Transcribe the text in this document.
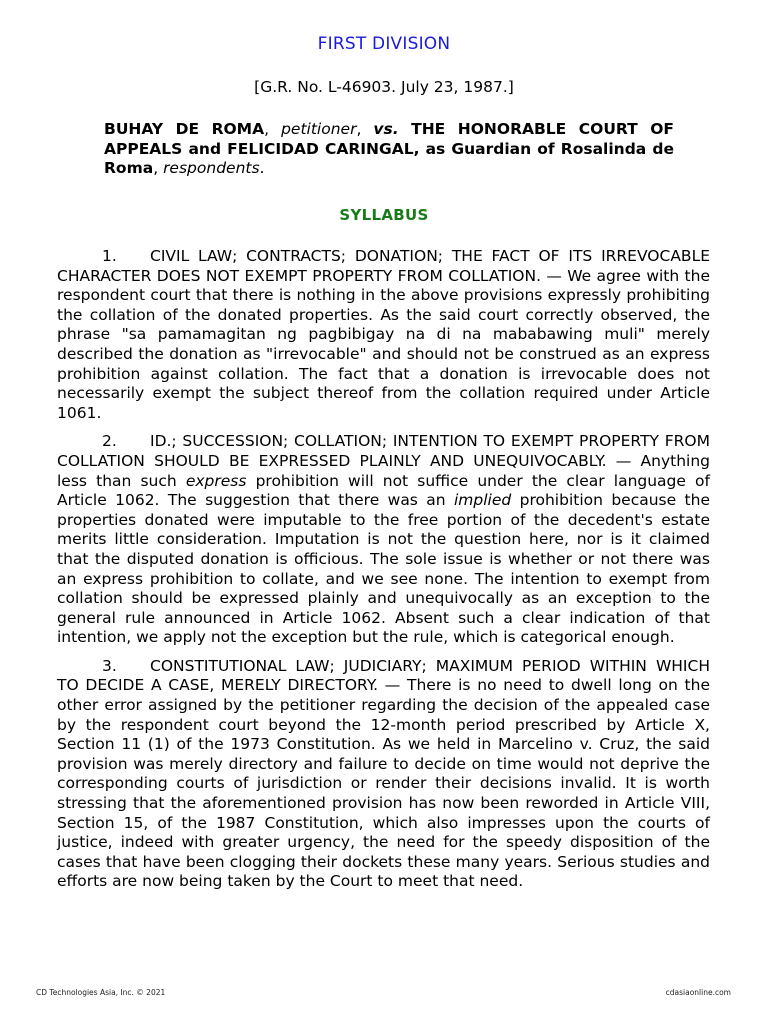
FIRST DIVISION
[G.R. No. L-46903. July 23, 1987.]
BUHAY DE ROMA, petitioner, vs. THE HONORABLE COURT OF APPEALS and FELICIDAD CARINGAL, as Guardian of Rosalinda de Roma, respondents.
SYLLABUS

1. CIVIL LAW; CONTRACTS; DONATION; THE FACT OF ITS IRREVOCABLE CHARACTER DOES NOT EXEMPT PROPERTY FROM COLLATION. — We agree with the respondent court that there is nothing in the above provisions expressly prohibiting the collation of the donated properties. As the said court correctly observed, the phrase "sa pamamagitan ng pagbibigay na di na mababawing muli" merely described the donation as "irrevocable" and should not be construed as an express prohibition against collation. The fact that a donation is irrevocable does not necessarily exempt the subject thereof from the collation required under Article 1061.

2. ID.; SUCCESSION; COLLATION; INTENTION TO EXEMPT PROPERTY FROM COLLATION SHOULD BE EXPRESSED PLAINLY AND UNEQUIVOCABLY. — Anything less than such express prohibition will not suffice under the clear language of Article 1062. The suggestion that there was an implied prohibition because the properties donated were imputable to the free portion of the decedent's estate merits little consideration. Imputation is not the question here, nor is it claimed that the disputed donation is officious. The sole issue is whether or not there was an express prohibition to collate, and we see none. The intention to exempt from collation should be expressed plainly and unequivocally as an exception to the general rule announced in Article 1062. Absent such a clear indication of that intention, we apply not the exception but the rule, which is categorical enough.

3. CONSTITUTIONAL LAW; JUDICIARY; MAXIMUM PERIOD WITHIN WHICH TO DECIDE A CASE, MERELY DIRECTORY. — There is no need to dwell long on the other error assigned by the petitioner regarding the decision of the appealed case by the respondent court beyond the 12-month period prescribed by Article X, Section 11 (1) of the 1973 Constitution. As we held in Marcelino v. Cruz, the said provision was merely directory and failure to decide on time would not deprive the corresponding courts of jurisdiction or render their decisions invalid. It is worth stressing that the aforementioned provision has now been reworded in Article VIII, Section 15, of the 1987 Constitution, which also impresses upon the courts of justice, indeed with greater urgency, the need for the speedy disposition of the cases that have been clogging their dockets these many years. Serious studies and efforts are now being taken by the Court to meet that need.

CD Technologies Asia, Inc. © 2021	cdasiaonline.com
